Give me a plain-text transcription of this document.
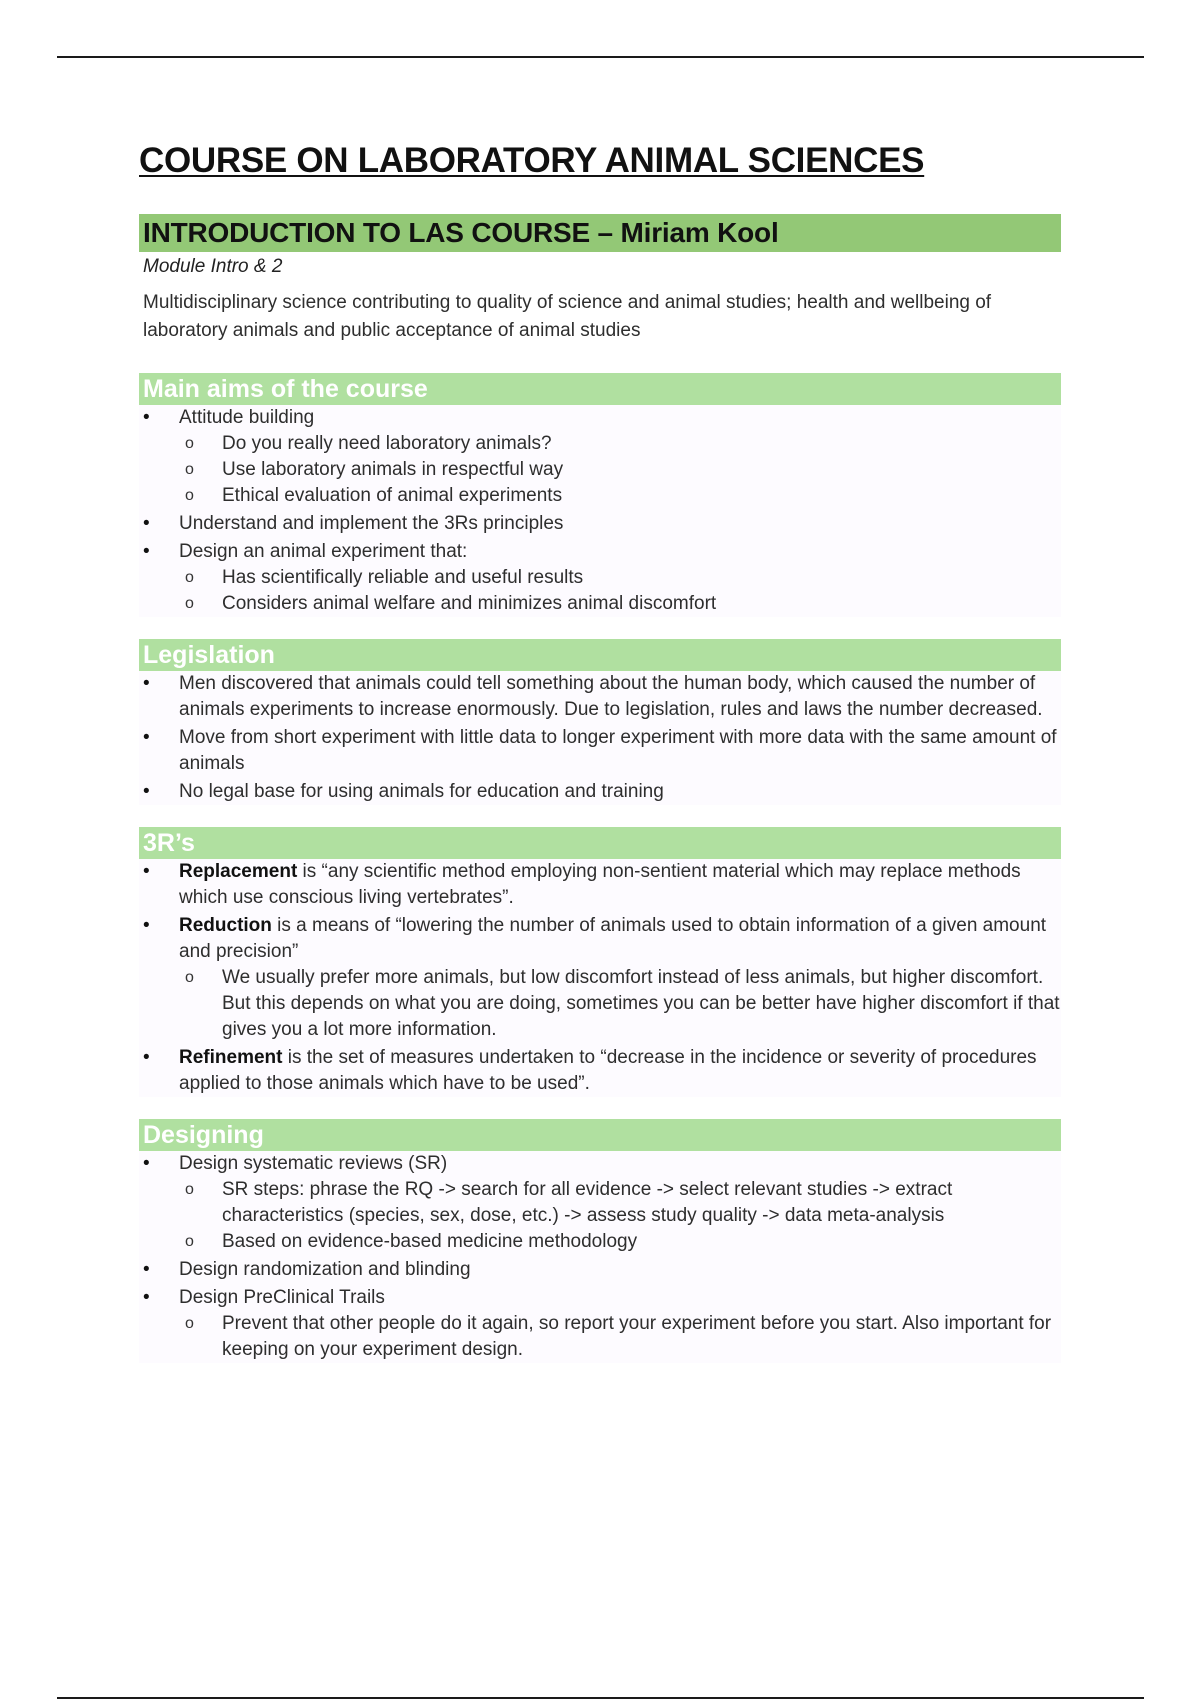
COURSE ON LABORATORY ANIMAL SCIENCES
INTRODUCTION TO LAS COURSE – Miriam Kool
Module Intro & 2
Multidisciplinary science contributing to quality of science and animal studies; health and wellbeing of laboratory animals and public acceptance of animal studies
Main aims of the course
• Attitude building
o Do you really need laboratory animals?
o Use laboratory animals in respectful way
o Ethical evaluation of animal experiments
• Understand and implement the 3Rs principles
• Design an animal experiment that:
o Has scientifically reliable and useful results
o Considers animal welfare and minimizes animal discomfort
Legislation
• Men discovered that animals could tell something about the human body, which caused the number of animals experiments to increase enormously. Due to legislation, rules and laws the number decreased.
• Move from short experiment with little data to longer experiment with more data with the same amount of animals
• No legal base for using animals for education and training
3R’s
• Replacement is “any scientific method employing non-sentient material which may replace methods which use conscious living vertebrates”.
• Reduction is a means of “lowering the number of animals used to obtain information of a given amount and precision”
o We usually prefer more animals, but low discomfort instead of less animals, but higher discomfort. But this depends on what you are doing, sometimes you can be better have higher discomfort if that gives you a lot more information.
• Refinement is the set of measures undertaken to “decrease in the incidence or severity of procedures applied to those animals which have to be used”.
Designing
• Design systematic reviews (SR)
o SR steps: phrase the RQ -> search for all evidence -> select relevant studies -> extract characteristics (species, sex, dose, etc.) -> assess study quality -> data meta-analysis
o Based on evidence-based medicine methodology
• Design randomization and blinding
• Design PreClinical Trails
o Prevent that other people do it again, so report your experiment before you start. Also important for keeping on your experiment design.
